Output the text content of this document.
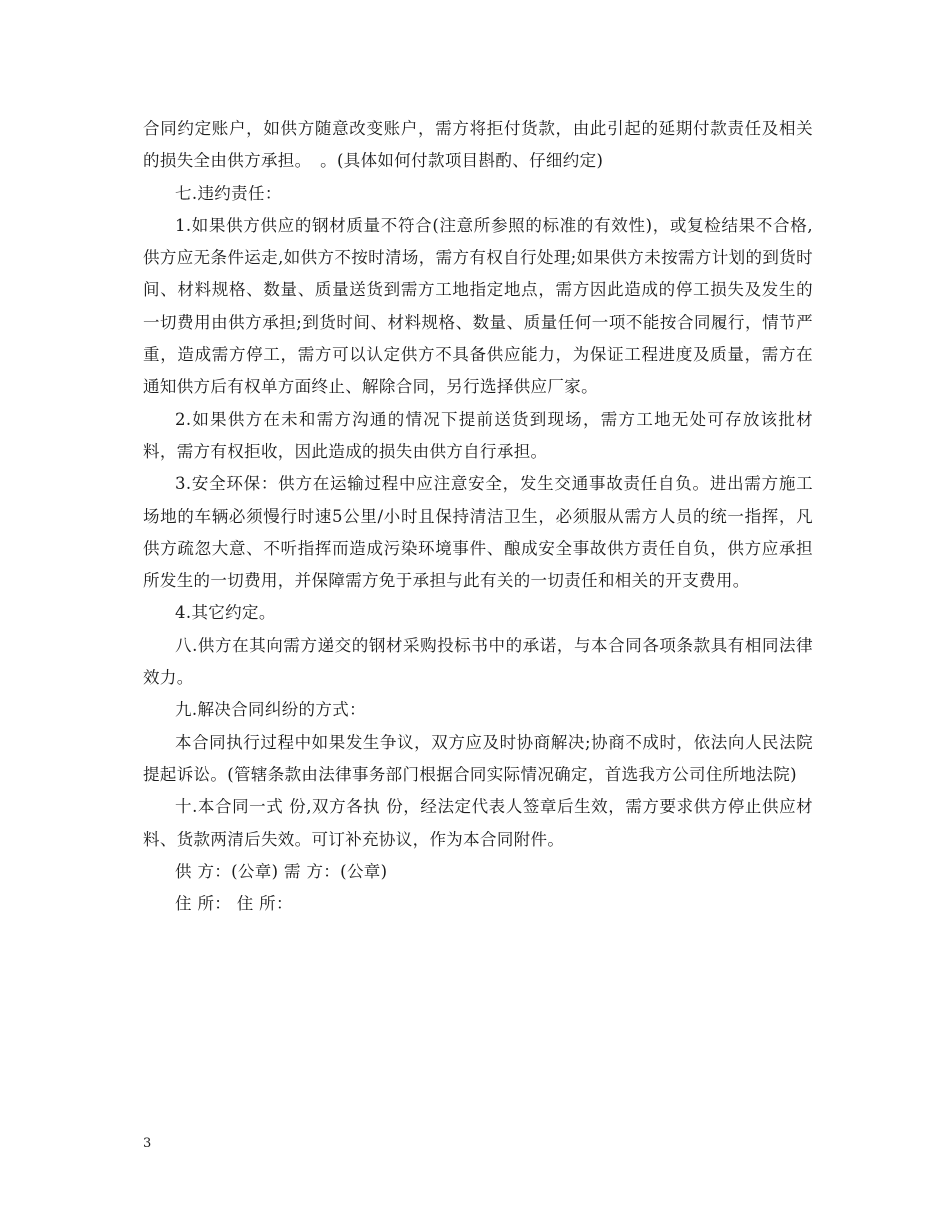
合同约定账户，如供方随意改变账户，需方将拒付货款，由此引起的延期付款责任及相关的损失全由供方承担。　。(具体如何付款项目斟酌、仔细约定)

七.违约责任：

1.如果供方供应的钢材质量不符合(注意所参照的标准的有效性)，或复检结果不合格,供方应无条件运走,如供方不按时清场，需方有权自行处理;如果供方未按需方计划的到货时间、材料规格、数量、质量送货到需方工地指定地点，需方因此造成的停工损失及发生的一切费用由供方承担;到货时间、材料规格、数量、质量任何一项不能按合同履行，情节严重，造成需方停工，需方可以认定供方不具备供应能力，为保证工程进度及质量，需方在通知供方后有权单方面终止、解除合同，另行选择供应厂家。

2.如果供方在未和需方沟通的情况下提前送货到现场，需方工地无处可存放该批材料，需方有权拒收，因此造成的损失由供方自行承担。

3.安全环保：供方在运输过程中应注意安全，发生交通事故责任自负。进出需方施工场地的车辆必须慢行时速5公里/小时且保持清洁卫生，必须服从需方人员的统一指挥，凡供方疏忽大意、不听指挥而造成污染环境事件、酿成安全事故供方责任自负，供方应承担所发生的一切费用，并保障需方免于承担与此有关的一切责任和相关的开支费用。

4.其它约定。

八.供方在其向需方递交的钢材采购投标书中的承诺，与本合同各项条款具有相同法律效力。

九.解决合同纠纷的方式：

本合同执行过程中如果发生争议，双方应及时协商解决;协商不成时，依法向人民法院提起诉讼。(管辖条款由法律事务部门根据合同实际情况确定，首选我方公司住所地法院)

十.本合同一式 份,双方各执 份，经法定代表人签章后生效，需方要求供方停止供应材料、货款两清后失效。可订补充协议，作为本合同附件。

供 方：(公章) 需 方：(公章)

住 所： 住 所：

3
